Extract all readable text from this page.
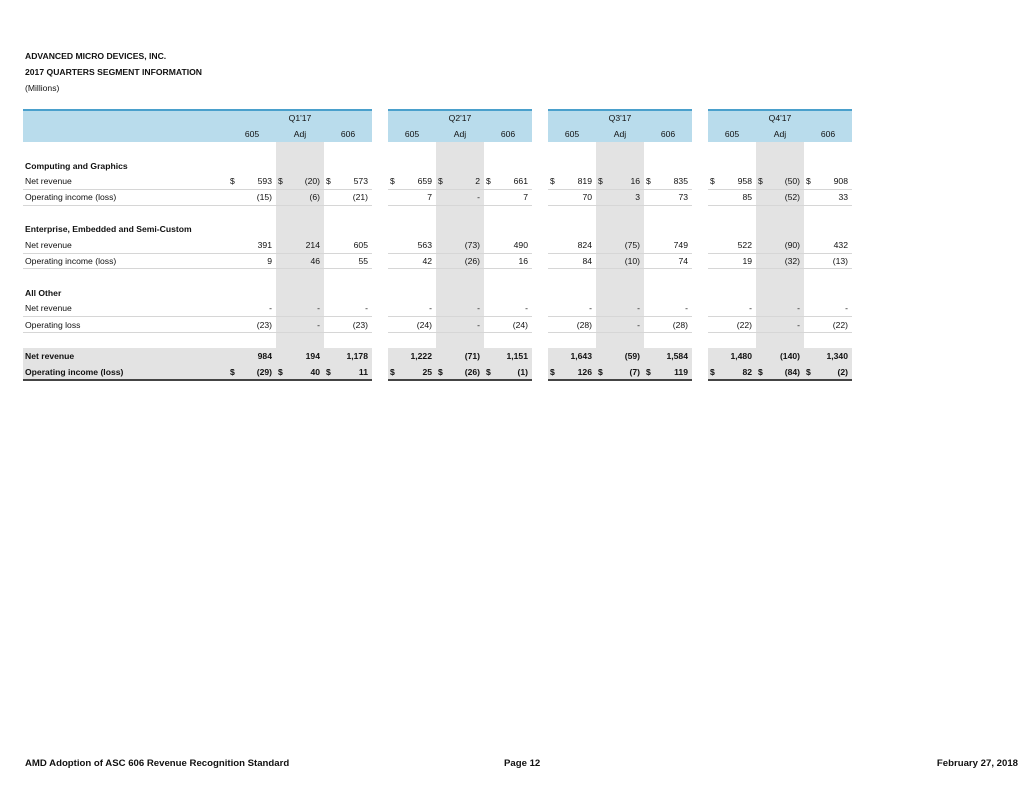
ADVANCED MICRO DEVICES, INC.
2017 QUARTERS SEGMENT INFORMATION
(Millions)
	Q1'17							Q2'17							Q3'17							Q4'17					
	605		Adj		606			605		Adj		606			605		Adj		606			605		Adj		606	

Computing and Graphics																											
Net revenue	$	593	$	(20)	$	573		$	659	$	2	$	661		$	819	$	16	$	835		$	958	$	(50)	$	908
Operating income (loss)		(15)		(6)		(21)			7		-		7			70		3		73			85		(52)		33

Enterprise, Embedded and Semi-Custom																											
Net revenue		391		214		605			563		(73)		490			824		(75)		749			522		(90)		432
Operating income (loss)		9		46		55			42		(26)		16			84		(10)		74			19		(32)		(13)

All Other																											
Net revenue		-		-		-			-		-		-			-		-		-			-		-		-
Operating loss		(23)		-		(23)			(24)		-		(24)			(28)		-		(28)			(22)		-		(22)

Net revenue		984		194		1,178			1,222		(71)		1,151			1,643		(59)		1,584			1,480		(140)		1,340
Operating income (loss)	$	(29)	$	40	$	11		$	25	$	(26)	$	(1)		$	126	$	(7)	$	119		$	82	$	(84)	$	(2)
AMD Adoption of ASC 606 Revenue Recognition Standard	Page 12	February 27, 2018
